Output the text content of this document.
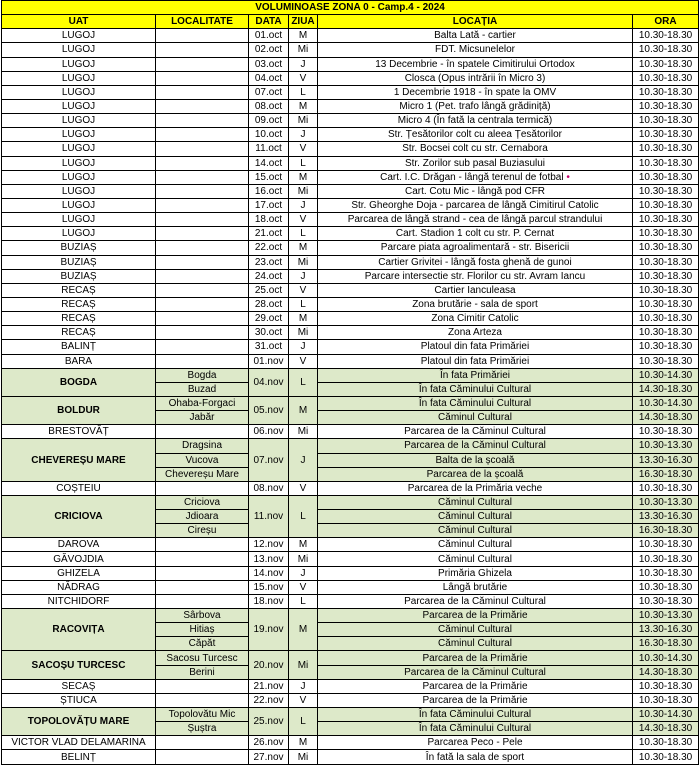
VOLUMINOASE ZONA 0 - Camp.4 - 2024					
UAT	LOCALITATE	DATA	ZIUA	LOCAȚIA	ORA
LUGOJ		01.oct	M	Balta Lată - cartier	10.30-18.30
LUGOJ		02.oct	Mi	FDT. Micsunelelor	10.30-18.30
LUGOJ		03.oct	J	13 Decembrie - în spatele Cimitirului Ortodox	10.30-18.30
LUGOJ		04.oct	V	Closca (Opus intrării în Micro 3)	10.30-18.30
LUGOJ		07.oct	L	1 Decembrie 1918 - în spate la OMV	10.30-18.30
LUGOJ		08.oct	M	Micro 1 (Pet. trafo lângă grădiniță)	10.30-18.30
LUGOJ		09.oct	Mi	Micro 4 (În fată la centrala termică)	10.30-18.30
LUGOJ		10.oct	J	Str. Țesătorilor colt cu aleea Țesătorilor	10.30-18.30
LUGOJ		11.oct	V	Str. Bocsei colt cu str. Cernabora	10.30-18.30
LUGOJ		14.oct	L	Str. Zorilor sub pasal Buziasului	10.30-18.30
LUGOJ		15.oct	M	Cart. I.C. Drăgan - lângă terenul de fotbal •	10.30-18.30
LUGOJ		16.oct	Mi	Cart. Cotu Mic - lângă pod CFR	10.30-18.30
LUGOJ		17.oct	J	Str. Gheorghe Doja - parcarea de lângă Cimitirul Catolic	10.30-18.30
LUGOJ		18.oct	V	Parcarea de lângă strand - cea de lângă parcul strandului	10.30-18.30
LUGOJ		21.oct	L	Cart. Stadion 1 colt cu str. P. Cernat	10.30-18.30
BUZIAȘ		22.oct	M	Parcare piata agroalimentară - str. Bisericii	10.30-18.30
BUZIAȘ		23.oct	Mi	Cartier Grivitei - lângă fosta ghenă de gunoi	10.30-18.30
BUZIAȘ		24.oct	J	Parcare intersectie str. Florilor cu str. Avram Iancu	10.30-18.30
RECAȘ		25.oct	V	Cartier Ianculeasa	10.30-18.30
RECAȘ		28.oct	L	Zona brutărie - sala de sport	10.30-18.30
RECAȘ		29.oct	M	Zona Cimitir Catolic	10.30-18.30
RECAȘ		30.oct	Mi	Zona Arteza	10.30-18.30
BALINȚ		31.oct	J	Platoul din fata Primăriei	10.30-18.30
BARA		01.nov	V	Platoul din fata Primăriei	10.30-18.30
BOGDA	Bogda	04.nov	L	În fata Primăriei	10.30-14.30
	Buzad			În fata Căminului Cultural	14.30-18.30
BOLDUR	Ohaba-Forgaci	05.nov	M	În fata Căminului Cultural	10.30-14.30
	Jabăr			Căminul Cultural	14.30-18.30
BRESTOVĂȚ		06.nov	Mi	Parcarea de la Căminul Cultural	10.30-18.30
CHEVEREȘU MARE	Dragsina	07.nov	J	Parcarea de la Căminul Cultural	10.30-13.30
	Vucova			Balta de la școală	13.30-16.30
	Chevereșu Mare			Parcarea de la școală	16.30-18.30
COȘTEIU		08.nov	V	Parcarea de la Primăria veche	10.30-18.30
CRICIOVA	Criciova	11.nov	L	Căminul Cultural	10.30-13.30
	Jdioara			Căminul Cultural	13.30-16.30
	Cireșu			Căminul Cultural	16.30-18.30
DAROVA		12.nov	M	Căminul Cultural	10.30-18.30
GĂVOJDIA		13.nov	Mi	Căminul Cultural	10.30-18.30
GHIZELA		14.nov	J	Primăria Ghizela	10.30-18.30
NĂDRAG		15.nov	V	Lângă brutărie	10.30-18.30
NITCHIDORF		18.nov	L	Parcarea de la Căminul Cultural	10.30-18.30
RACOVIȚA	Sârbova	19.nov	M	Parcarea de la Primărie	10.30-13.30
	Hitiaș			Căminul Cultural	13.30-16.30
	Căpăt			Căminul Cultural	16.30-18.30
SACOȘU TURCESC	Sacosu Turcesc	20.nov	Mi	Parcarea de la Primărie	10.30-14.30
	Berini			Parcarea de la Căminul Cultural	14.30-18.30
SECAȘ		21.nov	J	Parcarea de la Primărie	10.30-18.30
ȘTIUCA		22.nov	V	Parcarea de la Primărie	10.30-18.30
TOPOLOVĂȚU MARE	Topolovătu Mic	25.nov	L	În fata Căminului Cultural	10.30-14.30
	Șuștra			În fata Căminului Cultural	14.30-18.30
VICTOR VLAD DELAMARINA		26.nov	M	Parcarea Peco - Pele	10.30-18.30
BELINȚ		27.nov	Mi	În fată la sala de sport	10.30-18.30
